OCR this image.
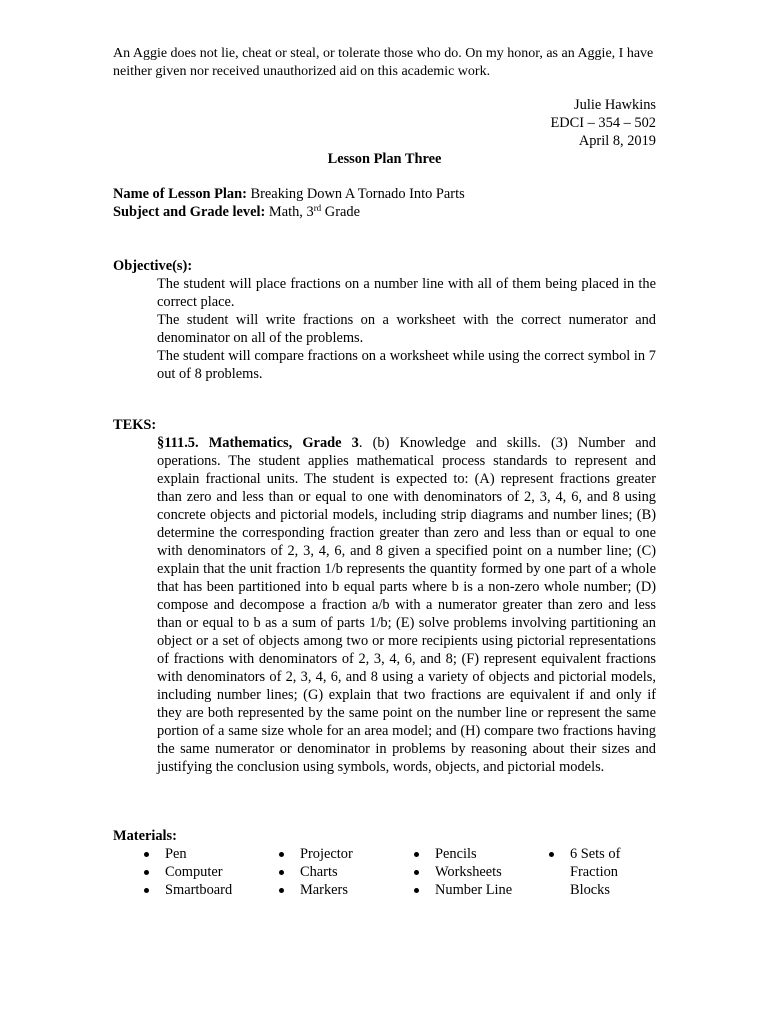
An Aggie does not lie, cheat or steal, or tolerate those who do. On my honor, as an Aggie, I have
neither given nor received unauthorized aid on this academic work.
Julie Hawkins
EDCI – 354 – 502
April 8, 2019
Lesson Plan Three
Name of Lesson Plan: Breaking Down A Tornado Into Parts
Subject and Grade level: Math, 3rd Grade
Objective(s):

The student will place fractions on a number line with all of them being placed in the correct place.

The student will write fractions on a worksheet with the correct numerator and denominator on all of the problems.

The student will compare fractions on a worksheet while using the correct symbol in 7 out of 8 problems.

TEKS:
§111.5. Mathematics, Grade 3. (b) Knowledge and skills. (3) Number and operations. The student applies mathematical process standards to represent and explain fractional units. The student is expected to: (A) represent fractions greater than zero and less than or equal to one with denominators of 2, 3, 4, 6, and 8 using concrete objects and pictorial models, including strip diagrams and number lines; (B) determine the corresponding fraction greater than zero and less than or equal to one with denominators of 2, 3, 4, 6, and 8 given a specified point on a number line; (C) explain that the unit fraction 1/b represents the quantity formed by one part of a whole that has been partitioned into b equal parts where b is a non-zero whole number; (D) compose and decompose a fraction a/b with a numerator greater than zero and less than or equal to b as a sum of parts 1/b; (E) solve problems involving partitioning an object or a set of objects among two or more recipients using pictorial representations of fractions with denominators of 2, 3, 4, 6, and 8; (F) represent equivalent fractions with denominators of 2, 3, 4, 6, and 8 using a variety of objects and pictorial models, including number lines; (G) explain that two fractions are equivalent if and only if they are both represented by the same point on the number line or represent the same portion of a same size whole for an area model; and (H) compare two fractions having the same numerator or denominator in problems by reasoning about their sizes and justifying the conclusion using symbols, words, objects, and pictorial models.
Materials:
Pen
Computer
Smartboard
Projector
Charts
Markers
Pencils
Worksheets
Number Line
6 Sets of Fraction Blocks
